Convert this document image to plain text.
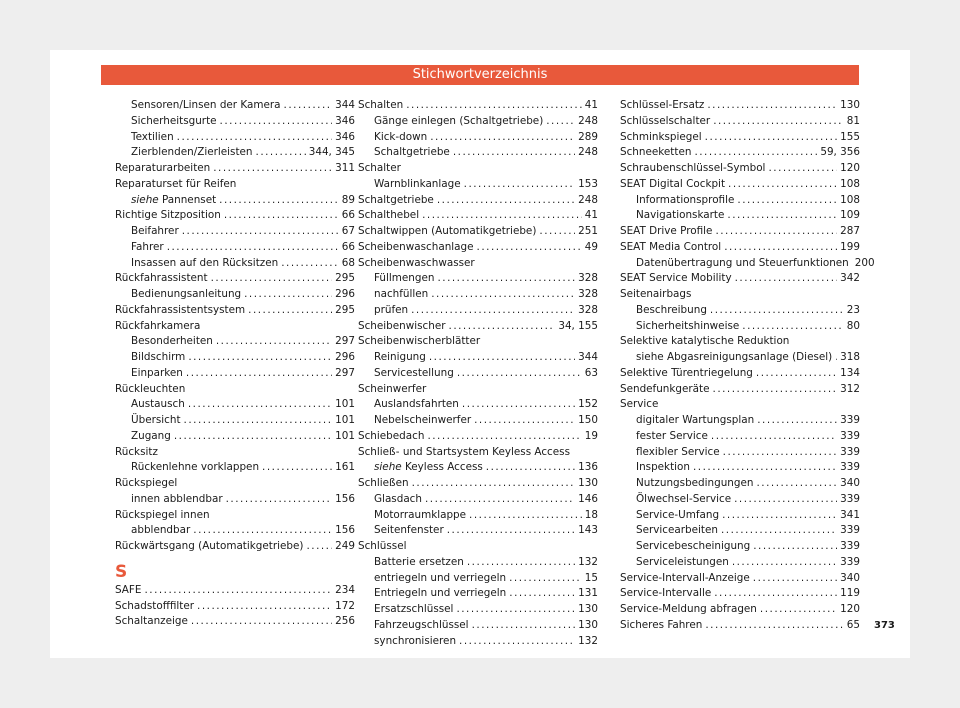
Stichwortverzeichnis
Sensoren/Linsen der Kamera . . .	344
Sicherheitsgurte . . .	346
Textilien . . .	346
Zierblenden/Zierleisten . . .	344, 345
Reparaturarbeiten . . .	311
Reparaturset für Reifen
siehe Pannenset . . .	89
Richtige Sitzposition . . .	66
Beifahrer . . .	67
Fahrer . . .	66
Insassen auf den Rücksitzen . . .	68
Rückfahrassistent . . .	295
Bedienungsanleitung . . .	296
Rückfahrassistentsystem . . .	295
Rückfahrkamera
Besonderheiten . . .	297
Bildschirm . . .	296
Einparken . . .	297
Rückleuchten
Austausch . . .	101
Übersicht . . .	101
Zugang . . .	101
Rücksitz
Rückenlehne vorklappen . . .	161
Rückspiegel
innen abblendbar . . .	156
Rückspiegel innen
abblendbar . . .	156
Rückwärtsgang (Automatikgetriebe) . . .	249
S
SAFE . . .	234
Schadstofffilter . . .	172
Schaltanzeige . . .	256
Schalten . . .	41
Gänge einlegen (Schaltgetriebe) . . .	248
Kick-down . . .	289
Schaltgetriebe . . .	248
Schalter
Warnblinkanlage . . .	153
Schaltgetriebe . . .	248
Schalthebel . . .	41
Schaltwippen (Automatikgetriebe) . . .	251
Scheibenwaschanlage . . .	49
Scheibenwaschwasser
Füllmengen . . .	328
nachfüllen . . .	328
prüfen . . .	328
Scheibenwischer . . .	34, 155
Scheibenwischerblätter
Reinigung . . .	344
Servicestellung . . .	63
Scheinwerfer
Auslandsfahrten . . .	152
Nebelscheinwerfer . . .	150
Schiebedach . . .	19
Schließ- und Startsystem Keyless Access
siehe Keyless Access . . .	136
Schließen . . .	130
Glasdach . . .	146
Motorraumklappe . . .	18
Seitenfenster . . .	143
Schlüssel
Batterie ersetzen . . .	132
entriegeln und verriegeln . . .	15
Entriegeln und verriegeln . . .	131
Ersatzschlüssel . . .	130
Fahrzeugschlüssel . . .	130
synchronisieren . . .	132
Schlüssel-Ersatz . . .	130
Schlüsselschalter . . .	81
Schminkspiegel . . .	155
Schneeketten . . .	59, 356
Schraubenschlüssel-Symbol . . .	120
SEAT Digital Cockpit . . .	108
Informationsprofile . . .	108
Navigationskarte . . .	109
SEAT Drive Profile . . .	287
SEAT Media Control . . .	199
Datenübertragung und Steuerfunktionen 200
SEAT Service Mobility . . .	342
Seitenairbags
Beschreibung . . .	23
Sicherheitshinweise . . .	80
Selektive katalytische Reduktion
siehe Abgasreinigungsanlage (Diesel) . . . 318
Selektive Türentriegelung . . .	134
Sendefunkgeräte . . .	312
Service
digitaler Wartungsplan . . .	339
fester Service . . .	339
flexibler Service . . .	339
Inspektion . . .	339
Nutzungsbedingungen . . .	340
Ölwechsel-Service . . .	339
Service-Umfang . . .	341
Servicearbeiten . . .	339
Servicebescheinigung . . .	339
Serviceleistungen . . .	339
Service-Intervall-Anzeige . . .	340
Service-Intervalle . . .	119
Service-Meldung abfragen . . .	120
Sicheres Fahren . . .	65 373
